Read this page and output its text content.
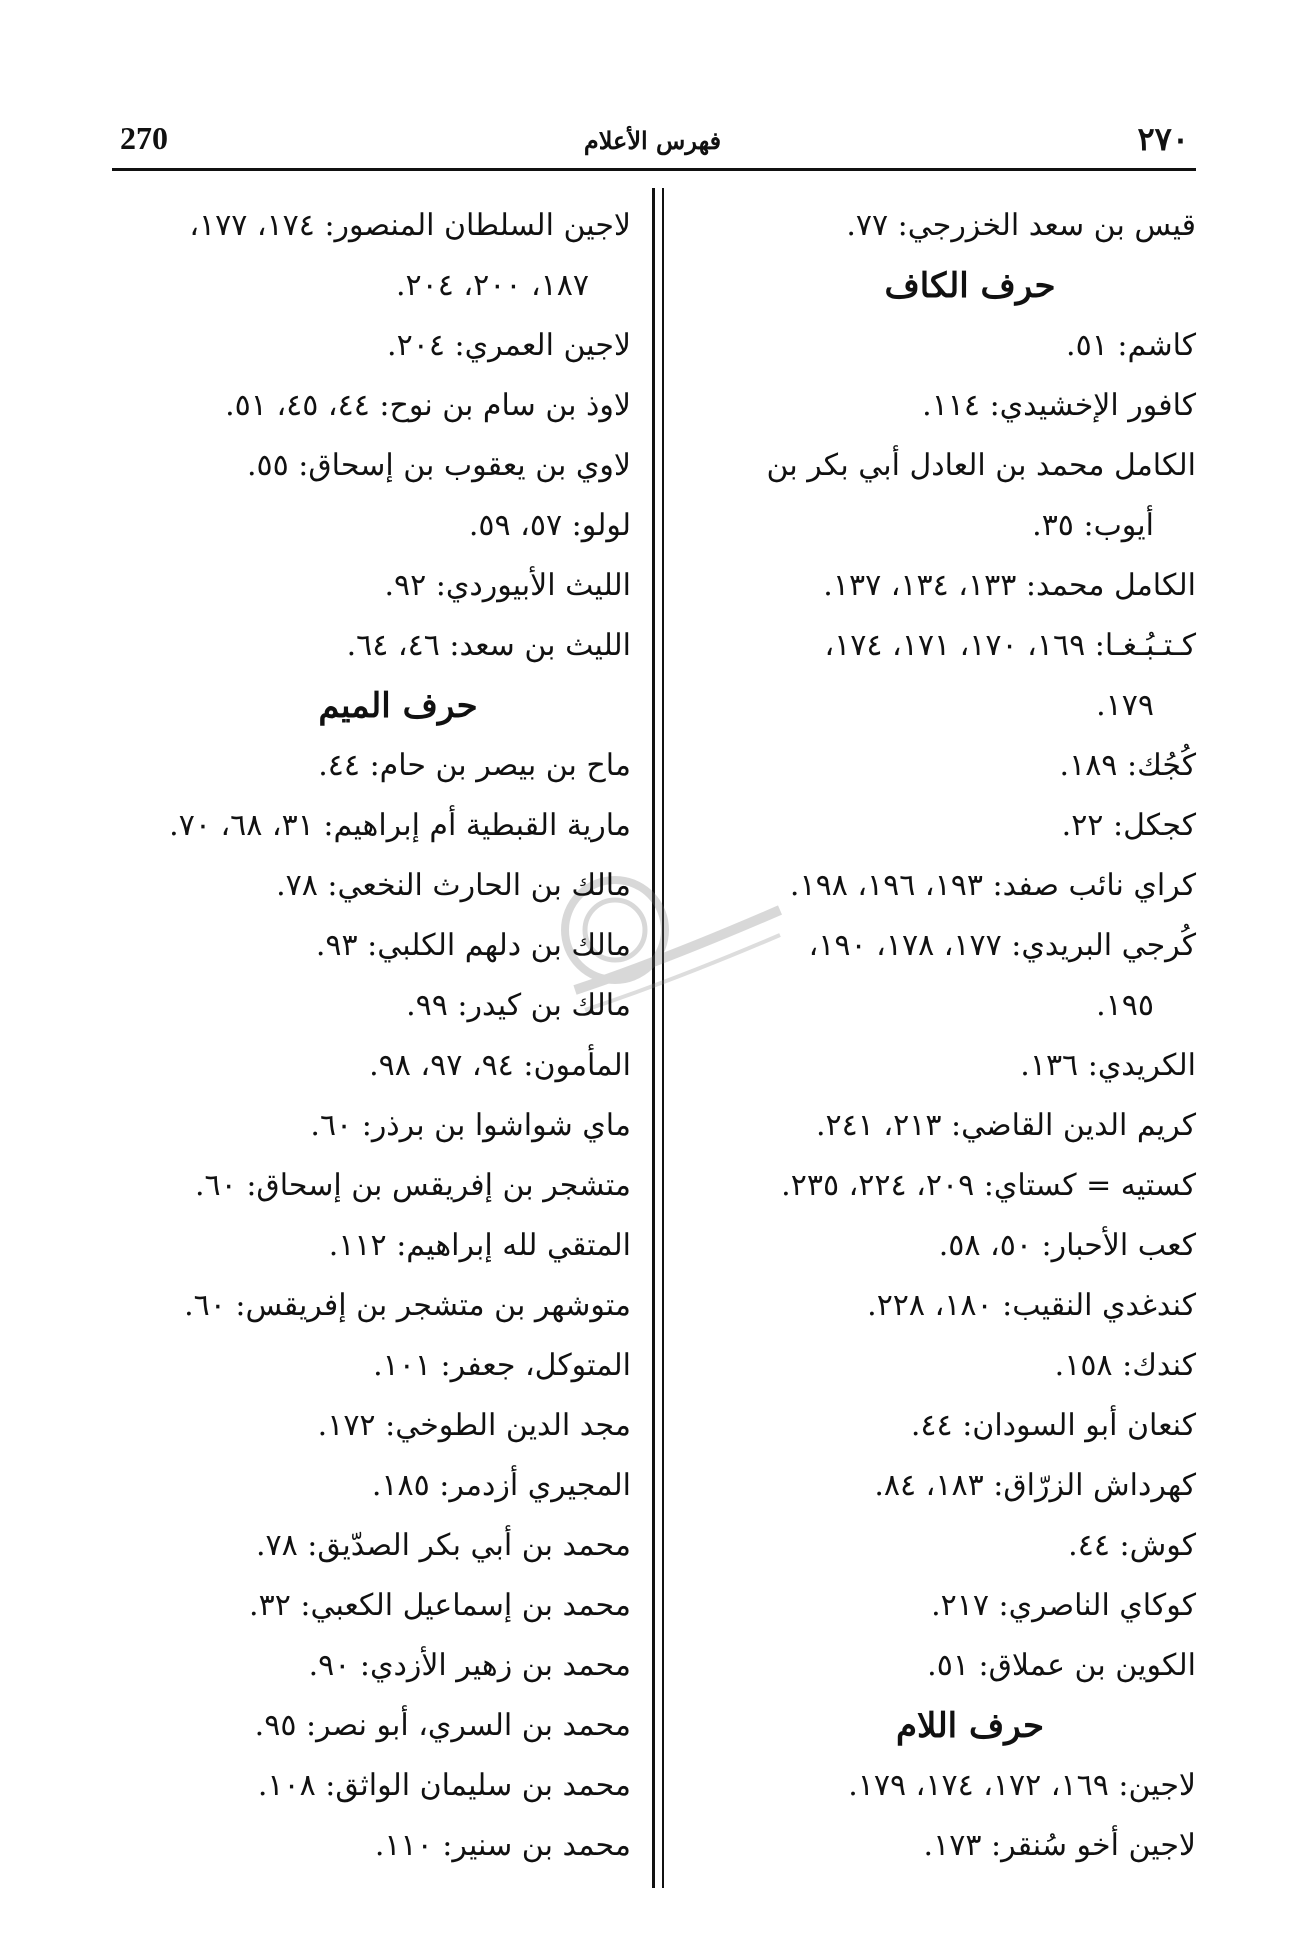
270	فهرس الأعلام	٢٧٠
قيس بن سعد الخزرجي: ٧٧.
حرف الكاف
كاشم: ٥١.
كافور الإخشيدي: ١١٤.
الكامل محمد بن العادل أبي بكر بن
أيوب: ٣٥.
الكامل محمد: ١٣٣، ١٣٤، ١٣٧.
كـتـبُـغـا: ١٦٩، ١٧٠، ١٧١، ١٧٤،
١٧٩.
كُجُك: ١٨٩.
كجكل: ٢٢.
كراي نائب صفد: ١٩٣، ١٩٦، ١٩٨.
كُرجي البريدي: ١٧٧، ١٧٨، ١٩٠،
١٩٥.
الكريدي: ١٣٦.
كريم الدين القاضي: ٢١٣، ٢٤١.
كستيه = كستاي: ٢٠٩، ٢٢٤، ٢٣٥.
كعب الأحبار: ٥٠، ٥٨.
كندغدي النقيب: ١٨٠، ٢٢٨.
كندك: ١٥٨.
كنعان أبو السودان: ٤٤.
كهرداش الزرّاق: ١٨٣، ٨٤.
كوش: ٤٤.
كوكاي الناصري: ٢١٧.
الكوين بن عملاق: ٥١.
حرف اللام
لاجين: ١٦٩، ١٧٢، ١٧٤، ١٧٩.
لاجين أخو سُنقر: ١٧٣.
لاجين السلطان المنصور: ١٧٤، ١٧٧،
١٨٧، ٢٠٠، ٢٠٤.
لاجين العمري: ٢٠٤.
لاوذ بن سام بن نوح: ٤٤، ٤٥، ٥١.
لاوي بن يعقوب بن إسحاق: ٥٥.
لولو: ٥٧، ٥٩.
الليث الأبيوردي: ٩٢.
الليث بن سعد: ٤٦، ٦٤.
حرف الميم
ماح بن بيصر بن حام: ٤٤.
مارية القبطية أم إبراهيم: ٣١، ٦٨، ٧٠.
مالك بن الحارث النخعي: ٧٨.
مالك بن دلهم الكلبي: ٩٣.
مالك بن كيدر: ٩٩.
المأمون: ٩٤، ٩٧، ٩٨.
ماي شواشوا بن برذر: ٦٠.
متشجر بن إفريقس بن إسحاق: ٦٠.
المتقي لله إبراهيم: ١١٢.
متوشهر بن متشجر بن إفريقس: ٦٠.
المتوكل، جعفر: ١٠١.
مجد الدين الطوخي: ١٧٢.
المجيري أزدمر: ١٨٥.
محمد بن أبي بكر الصدّيق: ٧٨.
محمد بن إسماعيل الكعبي: ٣٢.
محمد بن زهير الأزدي: ٩٠.
محمد بن السري، أبو نصر: ٩٥.
محمد بن سليمان الواثق: ١٠٨.
محمد بن سنير: ١١٠.
